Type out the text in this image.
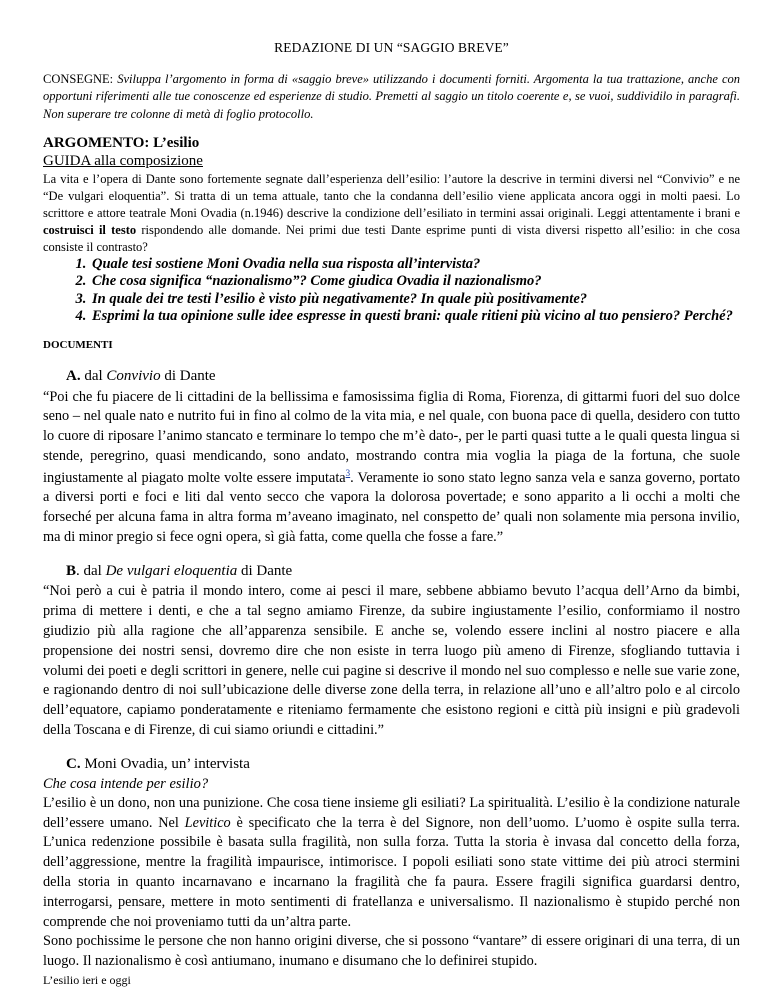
REDAZIONE DI UN “SAGGIO BREVE”

CONSEGNE: Sviluppa l’argomento in forma di «saggio breve» utilizzando i documenti forniti. Argomenta la tua trattazione, anche con opportuni riferimenti alle tue conoscenze ed esperienze di studio. Premetti al saggio un titolo coerente e, se vuoi, suddividilo in paragrafi. Non superare tre colonne di metà di foglio protocollo.

ARGOMENTO: L’esilio

GUIDA alla composizione

La vita e l’opera di Dante sono fortemente segnate dall’esperienza dell’esilio: l’autore la descrive in termini diversi nel “Convivio” e ne “De vulgari eloquentia”. Si tratta di un tema attuale, tanto che la condanna dell’esilio viene applicata ancora oggi in molti paesi. Lo scrittore e attore teatrale Moni Ovadia (n.1946) descrive la condizione dell’esiliato in termini assai originali. Leggi attentamente i brani e costruisci il testo rispondendo alle domande. Nei primi due testi Dante esprime punti di vista diversi rispetto all’esilio: in che cosa consiste il contrasto?

1. Quale tesi sostiene Moni Ovadia nella sua risposta all’intervista?
2. Che cosa significa “nazionalismo”? Come giudica Ovadia il nazionalismo?
3. In quale dei tre testi l’esilio è visto più negativamente? In quale più positivamente?
4. Esprimi la tua opinione sulle idee espresse in questi brani: quale ritieni più vicino al tuo pensiero? Perché?
DOCUMENTI

A. dal Convivio di Dante

“Poi che fu piacere de li cittadini de la bellissima e famosissima figlia di Roma, Fiorenza, di gittarmi fuori del suo dolce seno – nel quale nato e nutrito fui in fino al colmo de la vita mia, e nel quale, con buona pace di quella, desidero con tutto lo cuore di riposare l’animo stancato e terminare lo tempo che m’è dato-, per le parti quasi tutte a le quali questa lingua si stende, peregrino, quasi mendicando, sono andato, mostrando contra mia voglia la piaga de la fortuna, che suole ingiustamente al piagato molte volte essere imputata$^3$. Veramente io sono stato legno sanza vela e sanza governo, portato a diversi porti e foci e liti dal vento secco che vapora la dolorosa povertade; e sono apparito a li occhi a molti che forseché per alcuna fama in altra forma m’aveano imaginato, nel conspetto de’ quali non solamente mia persona invilio, ma di minor pregio si fece ogni opera, sì già fatta, come quella che fosse a fare.”

B. dal De vulgari eloquentia di Dante

“Noi però a cui è patria il mondo intero, come ai pesci il mare, sebbene abbiamo bevuto l’acqua dell’Arno da bimbi, prima di mettere i denti, e che a tal segno amiamo Firenze, da subire ingiustamente l’esilio, conformiamo il nostro giudizio più alla ragione che all’apparenza sensibile. E anche se, volendo essere inclini al nostro piacere e alla propensione dei nostri sensi, dovremo dire che non esiste in terra luogo più ameno di Firenze, sfogliando tuttavia i volumi dei poeti e degli scrittori in genere, nelle cui pagine si descrive il mondo nel suo complesso e nelle sue varie zone, e ragionando dentro di noi sull’ubicazione delle diverse zone della terra, in relazione all’uno e all’altro polo e al circolo dell’equatore, capiamo ponderatamente e riteniamo fermamente che esistono regioni e città più insigni e più gradevoli della Toscana e di Firenze, di cui siamo oriundi e cittadini.”

C. Moni Ovadia, un’ intervista

Che cosa intende per esilio?

L’esilio è un dono, non una punizione. Che cosa tiene insieme gli esiliati? La spiritualità. L’esilio è la condizione naturale dell’essere umano. Nel Levitico è specificato che la terra è del Signore, non dell’uomo. L’uomo è ospite sulla terra. L’unica redenzione possibile è basata sulla fragilità, non sulla forza. Tutta la storia è invasa dal concetto della forza, dell’aggressione, mentre la fragilità impaurisce, intimorisce. I popoli esiliati sono state vittime dei più atroci stermini della storia in quanto incarnavano e incarnano la fragilità che fa paura. Essere fragili significa guardarsi dentro, interrogarsi, pensare, mettere in moto sentimenti di fratellanza e universalismo. Il nazionalismo è stupido perché non comprende che noi proveniamo tutti da un’altra parte.
Sono pochissime le persone che non hanno origini diverse, che si possono “vantare” di essere originari di una terra, di un luogo. Il nazionalismo è così antiumano, inumano e disumano che lo definirei stupido.

L’esilio ieri e oggi
